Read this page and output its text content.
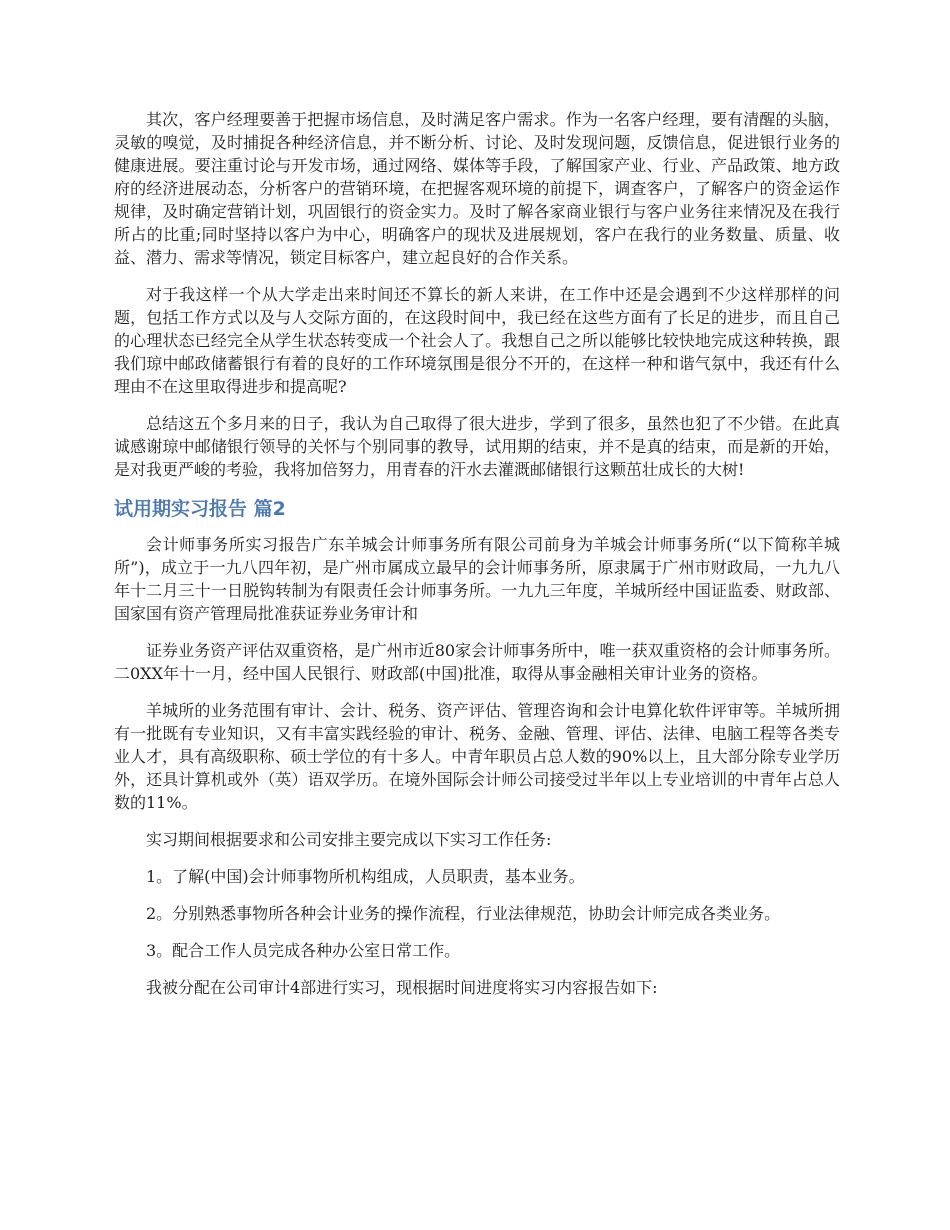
其次，客户经理要善于把握市场信息，及时满足客户需求。作为一名客户经理，要有清醒的头脑，灵敏的嗅觉，及时捕捉各种经济信息，并不断分析、讨论、及时发现问题，反馈信息，促进银行业务的健康进展。要注重讨论与开发市场，通过网络、媒体等手段，了解国家产业、行业、产品政策、地方政府的经济进展动态，分析客户的营销环境，在把握客观环境的前提下，调查客户，了解客户的资金运作规律，及时确定营销计划，巩固银行的资金实力。及时了解各家商业银行与客户业务往来情况及在我行所占的比重;同时坚持以客户为中心，明确客户的现状及进展规划，客户在我行的业务数量、质量、收益、潜力、需求等情况，锁定目标客户，建立起良好的合作关系。

对于我这样一个从大学走出来时间还不算长的新人来讲，在工作中还是会遇到不少这样那样的问题，包括工作方式以及与人交际方面的，在这段时间中，我已经在这些方面有了长足的进步，而且自己的心理状态已经完全从学生状态转变成一个社会人了。我想自己之所以能够比较快地完成这种转换，跟我们琼中邮政储蓄银行有着的良好的工作环境氛围是很分不开的，在这样一种和谐气氛中，我还有什么理由不在这里取得进步和提高呢?

总结这五个多月来的日子，我认为自己取得了很大进步，学到了很多，虽然也犯了不少错。在此真诚感谢琼中邮储银行领导的关怀与个别同事的教导，试用期的结束，并不是真的结束，而是新的开始，是对我更严峻的考验，我将加倍努力，用青春的汗水去灌溉邮储银行这颗茁壮成长的大树!

试用期实习报告 篇2

会计师事务所实习报告广东羊城会计师事务所有限公司前身为羊城会计师事务所(“以下简称羊城所”)，成立于一九八四年初，是广州市属成立最早的会计师事务所，原隶属于广州市财政局，一九九八年十二月三十一日脱钩转制为有限责任会计师事务所。一九九三年度，羊城所经中国证监委、财政部、国家国有资产管理局批准获证券业务审计和

证券业务资产评估双重资格，是广州市近80家会计师事务所中，唯一获双重资格的会计师事务所。二0XX年十一月，经中国人民银行、财政部(中国)批准，取得从事金融相关审计业务的资格。

羊城所的业务范围有审计、会计、税务、资产评估、管理咨询和会计电算化软件评审等。羊城所拥有一批既有专业知识，又有丰富实践经验的审计、税务、金融、管理、评估、法律、电脑工程等各类专业人才，具有高级职称、硕士学位的有十多人。中青年职员占总人数的90%以上，且大部分除专业学历外，还具计算机或外（英）语双学历。在境外国际会计师公司接受过半年以上专业培训的中青年占总人数的11%。

实习期间根据要求和公司安排主要完成以下实习工作任务:

1。了解(中国)会计师事物所机构组成，人员职责，基本业务。

2。分别熟悉事物所各种会计业务的操作流程，行业法律规范，协助会计师完成各类业务。

3。配合工作人员完成各种办公室日常工作。

我被分配在公司审计4部进行实习，现根据时间进度将实习内容报告如下:
